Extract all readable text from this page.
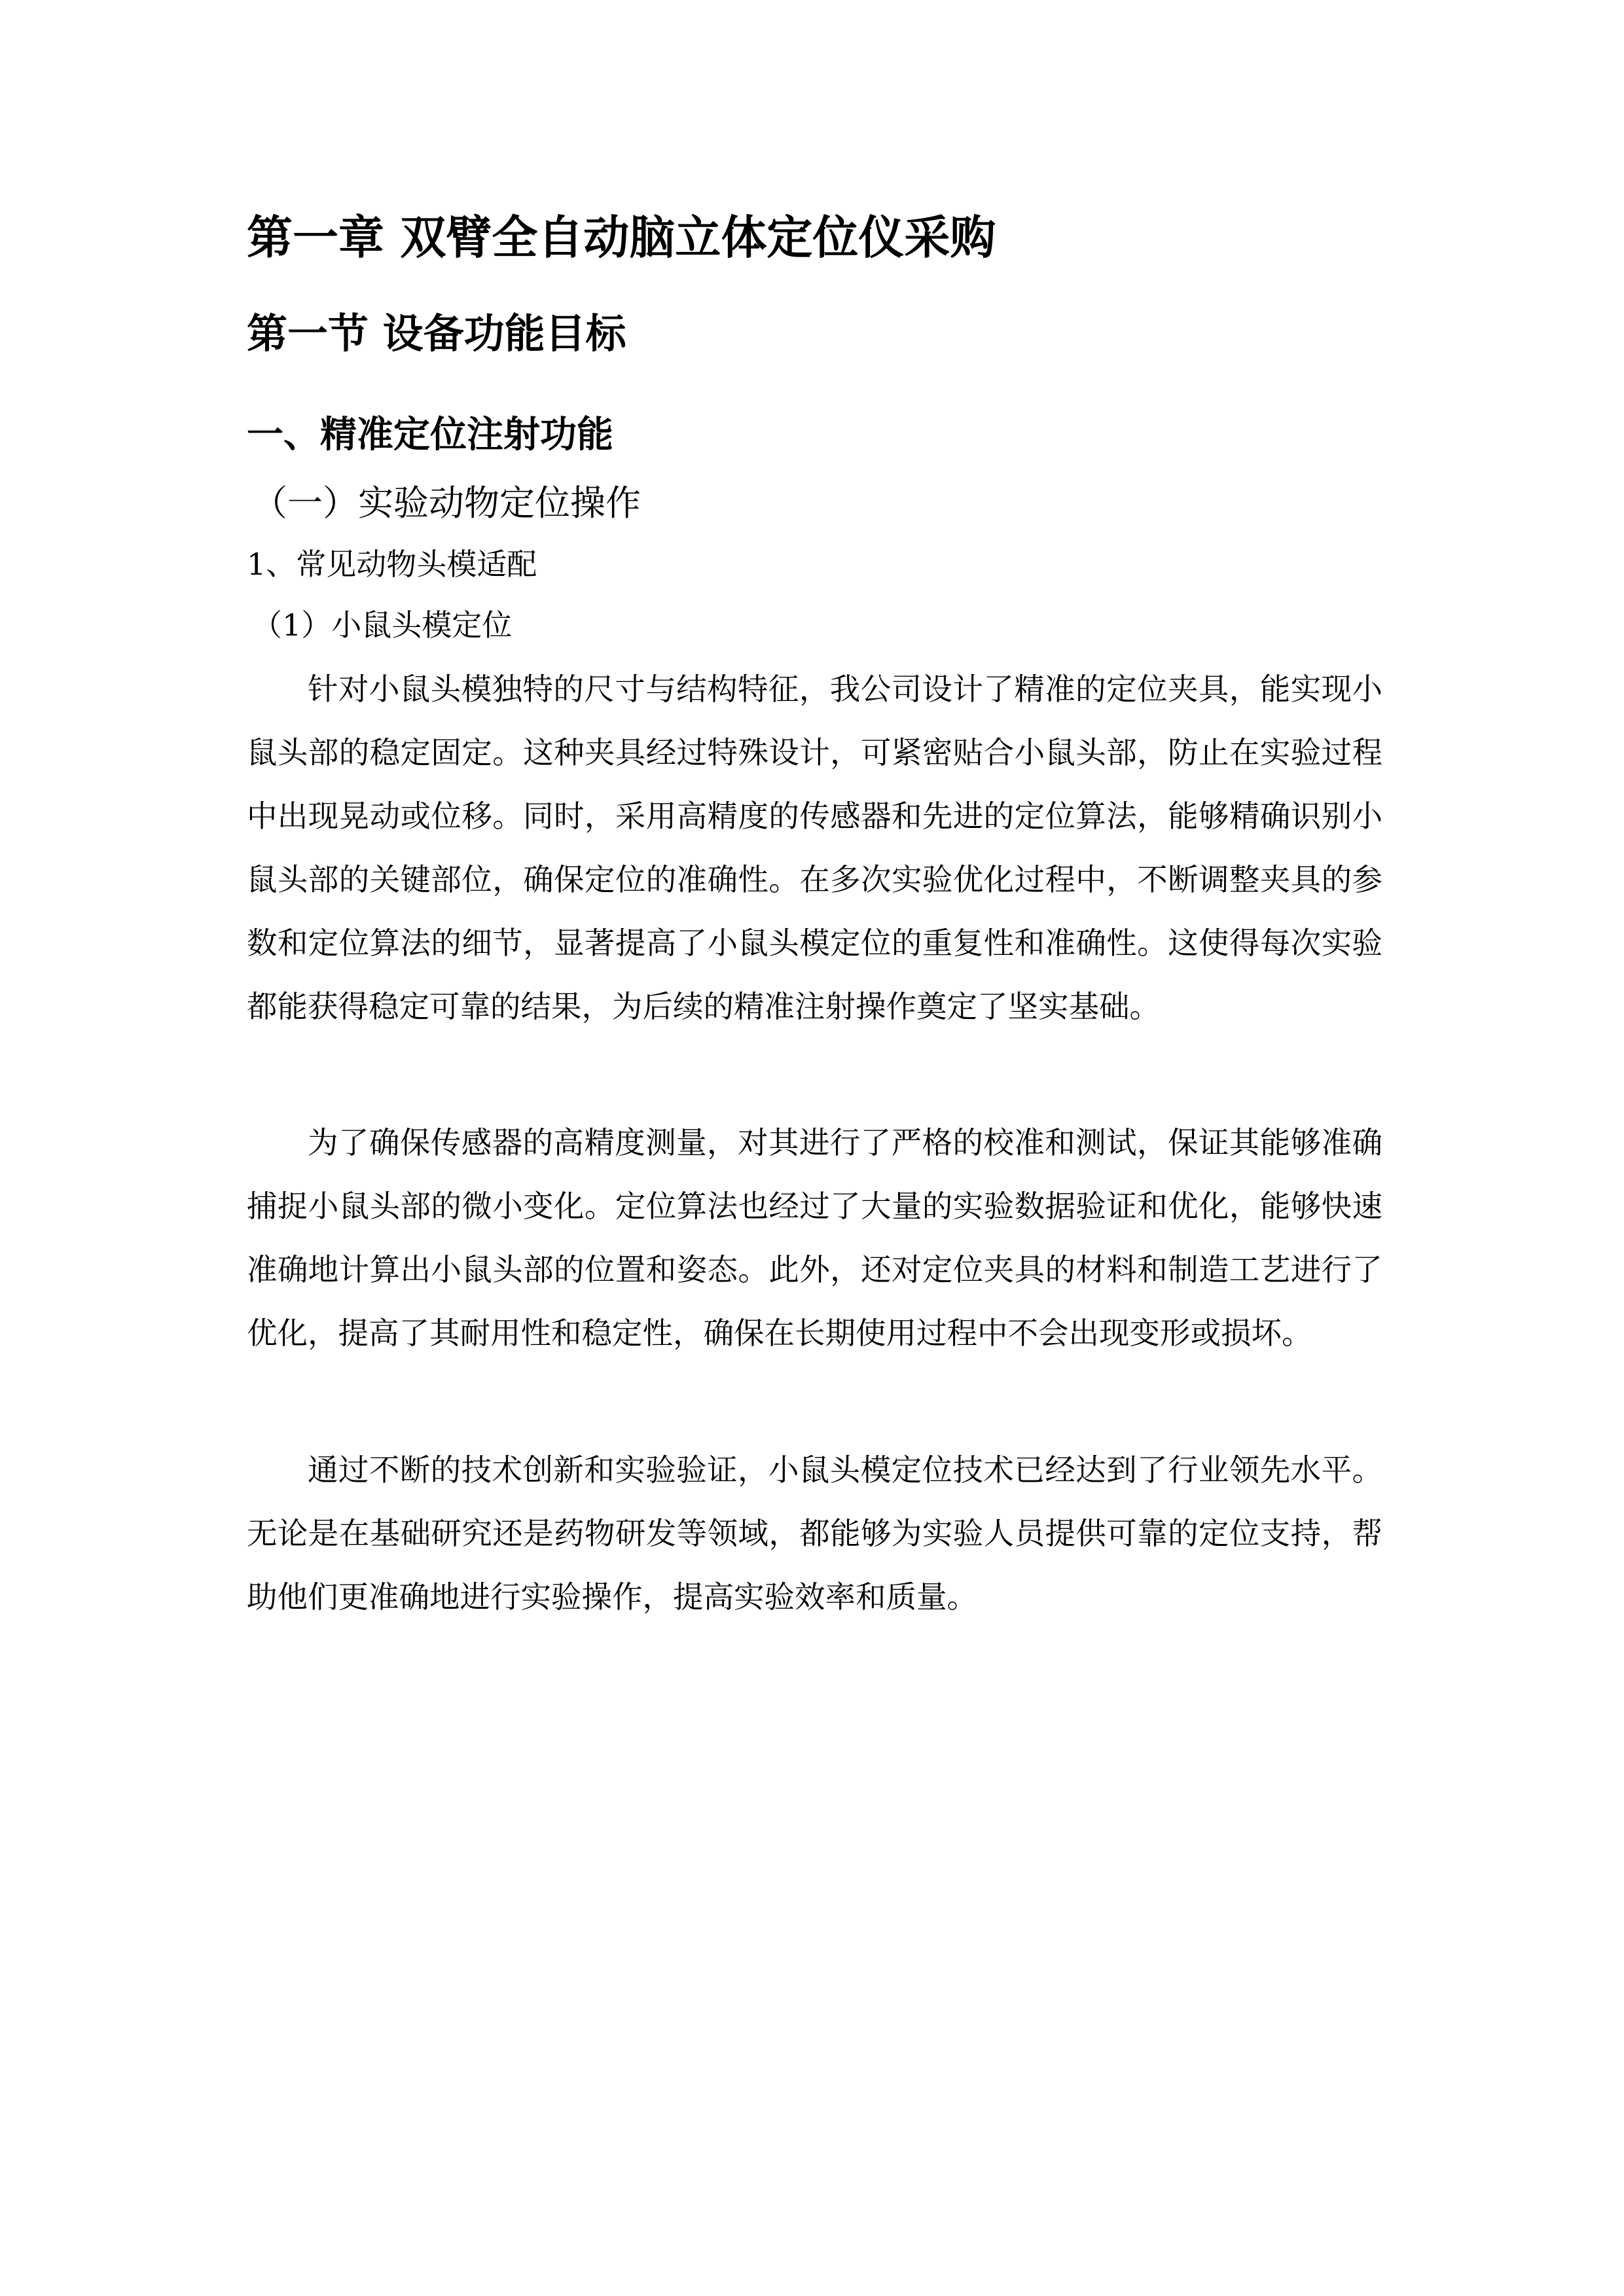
第一章 双臂全自动脑立体定位仪采购
第一节 设备功能目标
一、精准定位注射功能
（一）实验动物定位操作
1、常见动物头模适配
（1）小鼠头模定位

针对小鼠头模独特的尺寸与结构特征，我公司设计了精准的定位夹具，能实现小鼠头部的稳定固定。这种夹具经过特殊设计，可紧密贴合小鼠头部，防止在实验过程中出现晃动或位移。同时，采用高精度的传感器和先进的定位算法，能够精确识别小鼠头部的关键部位，确保定位的准确性。在多次实验优化过程中，不断调整夹具的参数和定位算法的细节，显著提高了小鼠头模定位的重复性和准确性。这使得每次实验都能获得稳定可靠的结果，为后续的精准注射操作奠定了坚实基础。

为了确保传感器的高精度测量，对其进行了严格的校准和测试，保证其能够准确捕捉小鼠头部的微小变化。定位算法也经过了大量的实验数据验证和优化，能够快速准确地计算出小鼠头部的位置和姿态。此外，还对定位夹具的材料和制造工艺进行了优化，提高了其耐用性和稳定性，确保在长期使用过程中不会出现变形或损坏。

通过不断的技术创新和实验验证，小鼠头模定位技术已经达到了行业领先水平。无论是在基础研究还是药物研发等领域，都能够为实验人员提供可靠的定位支持，帮助他们更准确地进行实验操作，提高实验效率和质量。
